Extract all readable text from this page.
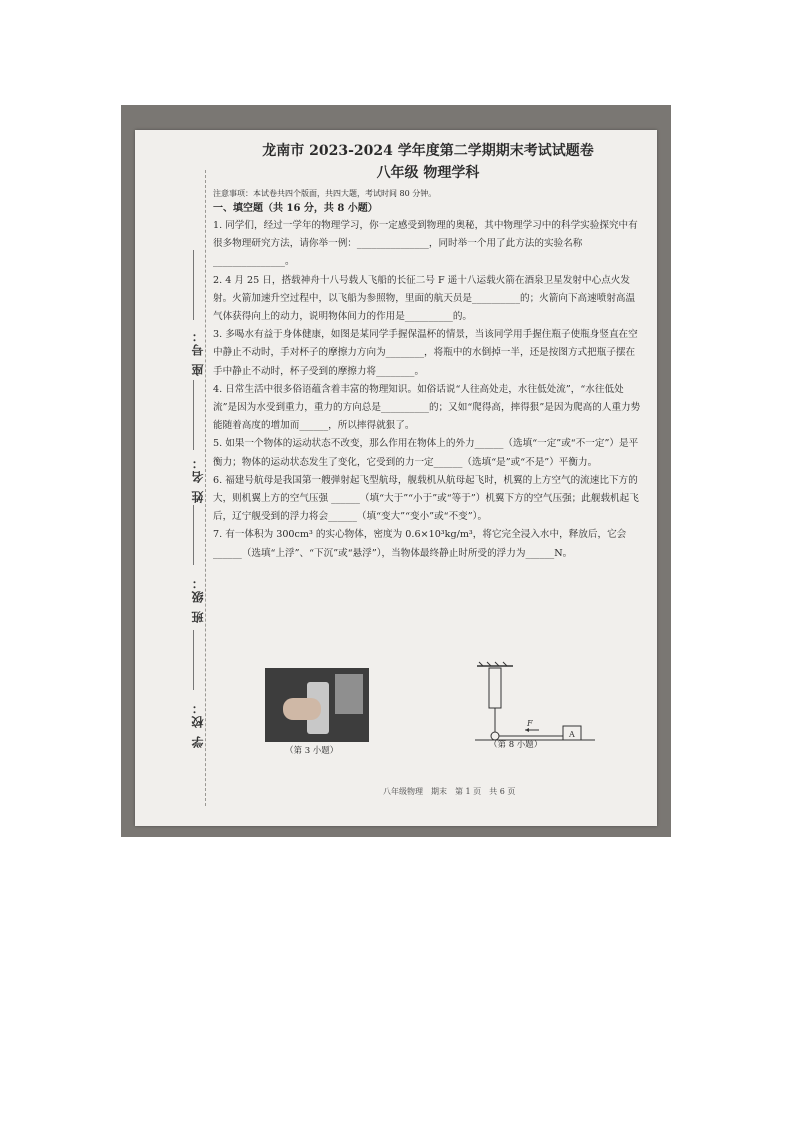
座 号：
姓 名：
班 级：
学 校：
龙南市 2023-2024 学年度第二学期期末考试试题卷
八年级 物理学科
注意事项：本试卷共四个版面，共四大题，考试时间 80 分钟。
一、填空题（共 16 分，共 8 小题）

1. 同学们，经过一学年的物理学习，你一定感受到物理的奥秘，其中物理学习中的科学实验探究中有很多物理研究方法，请你举一例：_______________，同时举一个用了此方法的实验名称_______________。

2. 4 月 25 日，搭载神舟十八号载人飞船的长征二号 F 遥十八运载火箭在酒泉卫星发射中心点火发射。火箭加速升空过程中，以飞船为参照物，里面的航天员是__________的；火箭向下高速喷射高温气体获得向上的动力，说明物体间力的作用是__________的。

3. 多喝水有益于身体健康，如图是某同学手握保温杯的情景，当该同学用手握住瓶子使瓶身竖直在空中静止不动时，手对杯子的摩擦力方向为________，将瓶中的水倒掉一半，还是按图方式把瓶子摆在手中静止不动时，杯子受到的摩擦力将________。

4. 日常生活中很多俗语蕴含着丰富的物理知识。如俗话说“人往高处走，水往低处流”，“水往低处流”是因为水受到重力，重力的方向总是__________的；又如“爬得高，摔得狠”是因为爬高的人重力势能随着高度的增加而______，所以摔得就狠了。

5. 如果一个物体的运动状态不改变，那么作用在物体上的外力______（选填“一定”或“不一定”）是平衡力；物体的运动状态发生了变化，它受到的力一定______（选填“是”或“不是”）平衡力。

6. 福建号航母是我国第一艘弹射起飞型航母，舰载机从航母起飞时，机翼的上方空气的流速比下方的大，则机翼上方的空气压强 ______（填“大于”“小于”或“等于”）机翼下方的空气压强；此舰载机起飞后，辽宁舰受到的浮力将会______（填“变大”“变小”或“不变”）。

7. 有一体积为 300cm³ 的实心物体，密度为 0.6×10³kg/m³，将它完全浸入水中，释放后，它会______（选填“上浮”、“下沉”或“悬浮”），当物体最终静止时所受的浮力为______N。

（第 3 小题）
A
F
（第 8 小题）
八年级物理　期末　第 1 页　共 6 页
